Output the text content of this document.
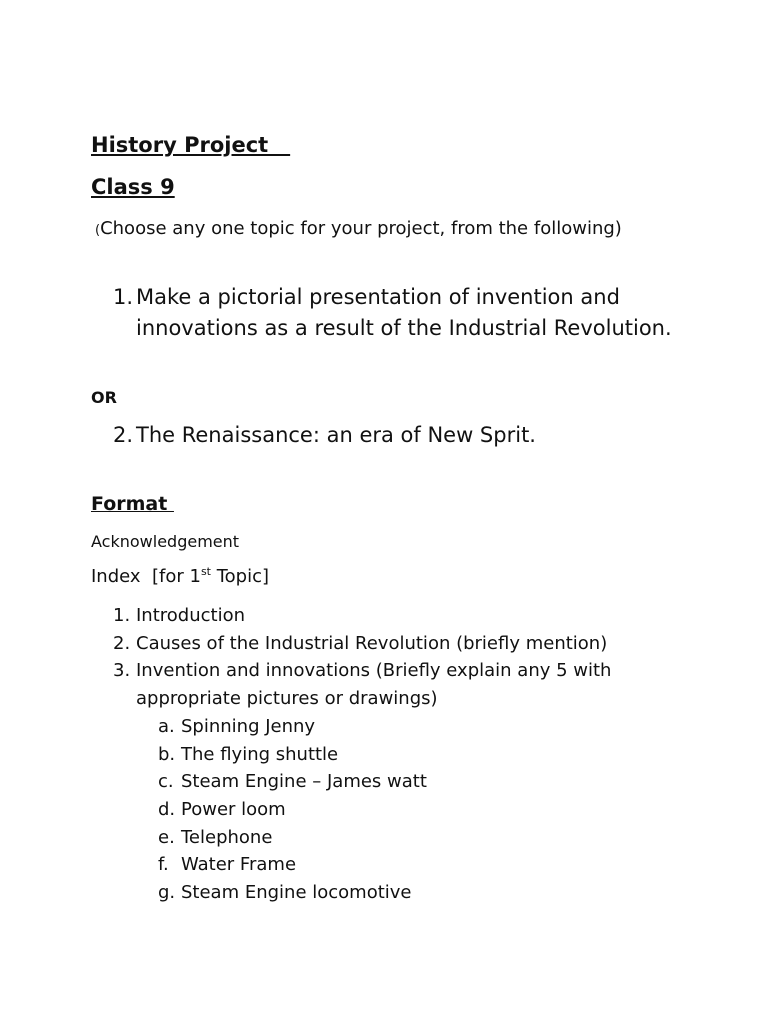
History Project
Class 9

(Choose any one topic for your project, from the following)

1. Make a pictorial presentation of invention and innovations as a result of the Industrial Revolution.
OR
2. The Renaissance: an era of New Sprit.
Format
Acknowledgement
Index  [for 1st Topic]
1. Introduction
2. Causes of the Industrial Revolution (briefly mention)
3. Invention and innovations (Briefly explain any 5 with appropriate pictures or drawings)
a. Spinning Jenny
b. The flying shuttle
c. Steam Engine – James watt
d. Power loom
e. Telephone
f. Water Frame
g. Steam Engine locomotive
